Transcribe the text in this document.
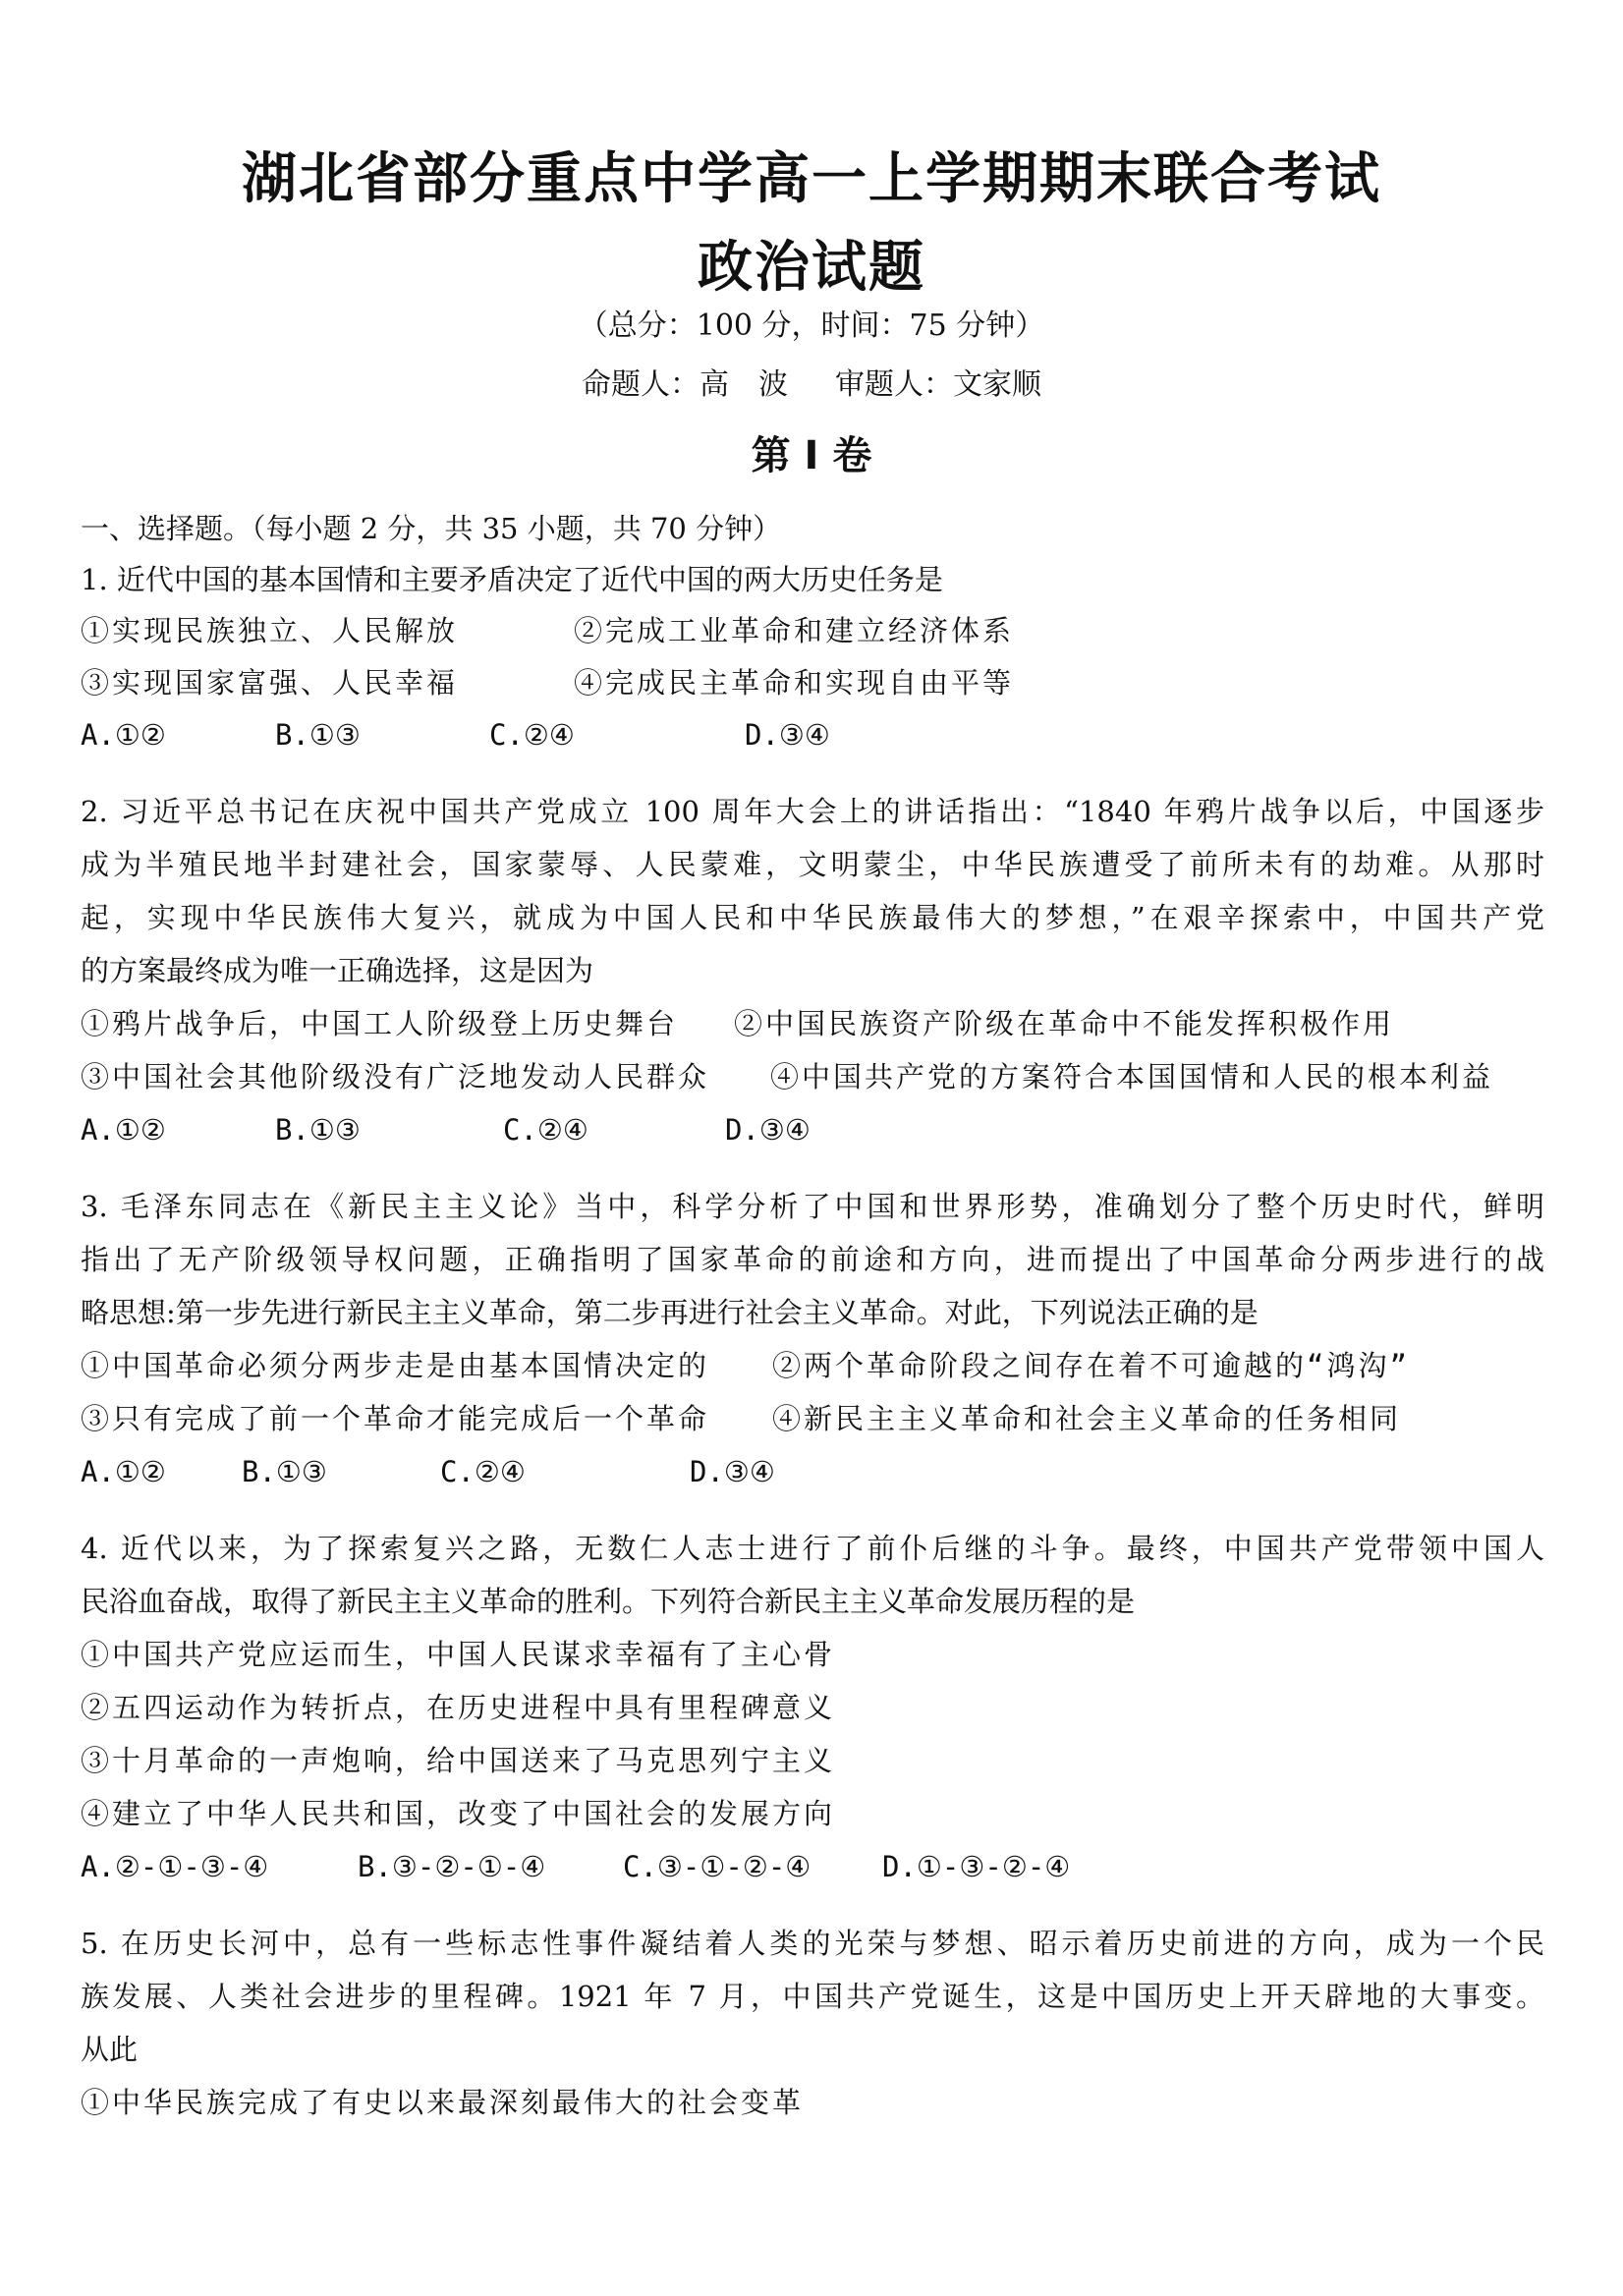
湖北省部分重点中学高一上学期期末联合考试
政治试题
（总分：100 分，时间：75 分钟）
命题人：高　波 审题人：文家顺
第 I 卷
一、选择题。（每小题 2 分，共 35 小题，共 70 分钟）
1. 近代中国的基本国情和主要矛盾决定了近代中国的两大历史任务是
①实现民族独立、人民解放	②完成工业革命和建立经济体系
③实现国家富强、人民幸福	④完成民主革命和实现自由平等
A.①②	B.①③	C.②④	D.③④
2. 习近平总书记在庆祝中国共产党成立 100 周年大会上的讲话指出：“1840 年鸦片战争以后，中国逐步
成为半殖民地半封建社会，国家蒙辱、人民蒙难，文明蒙尘，中华民族遭受了前所未有的劫难。从那时
起，实现中华民族伟大复兴，就成为中国人民和中华民族最伟大的梦想，”在艰辛探索中，中国共产党
的方案最终成为唯一正确选择，这是因为
①鸦片战争后，中国工人阶级登上历史舞台 ②中国民族资产阶级在革命中不能发挥积极作用
③中国社会其他阶级没有广泛地发动人民群众 ④中国共产党的方案符合本国国情和人民的根本利益
A.①②	B.①③	C.②④	D.③④
3. 毛泽东同志在《新民主主义论》当中，科学分析了中国和世界形势，准确划分了整个历史时代，鲜明
指出了无产阶级领导权问题，正确指明了国家革命的前途和方向，进而提出了中国革命分两步进行的战
略思想:第一步先进行新民主主义革命，第二步再进行社会主义革命。对此，下列说法正确的是
①中国革命必须分两步走是由基本国情决定的 ②两个革命阶段之间存在着不可逾越的“鸿沟”
③只有完成了前一个革命才能完成后一个革命 ④新民主主义革命和社会主义革命的任务相同
A.①②	B.①③	C.②④	D.③④
4. 近代以来，为了探索复兴之路，无数仁人志士进行了前仆后继的斗争。最终，中国共产党带领中国人
民浴血奋战，取得了新民主主义革命的胜利。下列符合新民主主义革命发展历程的是
①中国共产党应运而生，中国人民谋求幸福有了主心骨
②五四运动作为转折点，在历史进程中具有里程碑意义
③十月革命的一声炮响，给中国送来了马克思列宁主义
④建立了中华人民共和国，改变了中国社会的发展方向
A.②-①-③-④	B.③-②-①-④	C.③-①-②-④	D.①-③-②-④
5. 在历史长河中，总有一些标志性事件凝结着人类的光荣与梦想、昭示着历史前进的方向，成为一个民
族发展、人类社会进步的里程碑。1921 年 7 月，中国共产党诞生，这是中国历史上开天辟地的大事变。
从此
①中华民族完成了有史以来最深刻最伟大的社会变革
